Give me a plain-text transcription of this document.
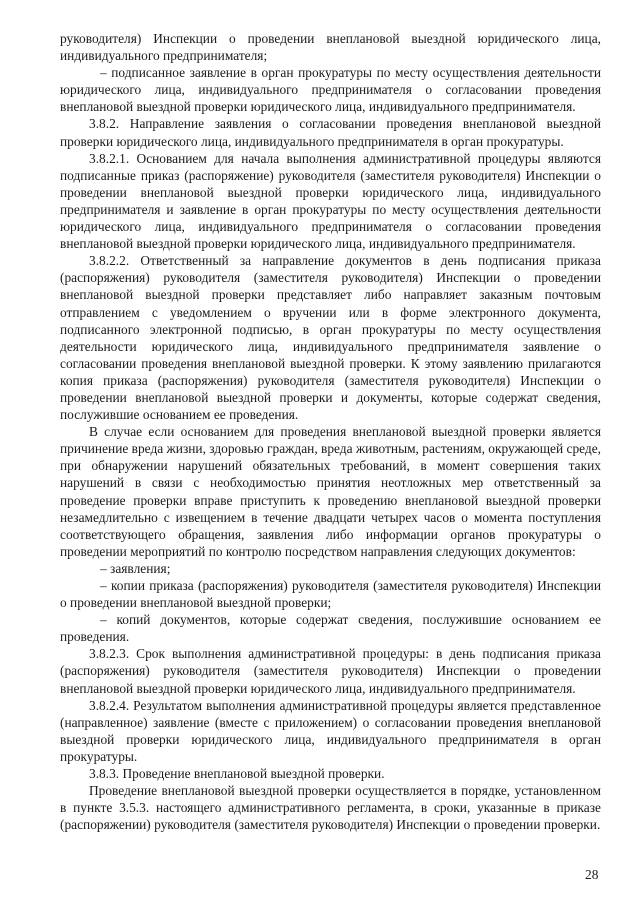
руководителя) Инспекции о проведении внеплановой выездной юридического лица, индивидуального предпринимателя;

– подписанное заявление в орган прокуратуры по месту осуществления деятельности юридического лица, индивидуального предпринимателя о согласовании проведения внеплановой выездной проверки юридического лица, индивидуального предпринимателя.

3.8.2. Направление заявления о согласовании проведения внеплановой выездной проверки юридического лица, индивидуального предпринимателя в орган прокуратуры.

3.8.2.1. Основанием для начала выполнения административной процедуры являются подписанные приказ (распоряжение) руководителя (заместителя руководителя) Инспекции о проведении внеплановой выездной проверки юридического лица, индивидуального предпринимателя и заявление в орган прокуратуры по месту осуществления деятельности юридического лица, индивидуального предпринимателя о согласовании проведения внеплановой выездной проверки юридического лица, индивидуального предпринимателя.

3.8.2.2. Ответственный за направление документов в день подписания приказа (распоряжения) руководителя (заместителя руководителя) Инспекции о проведении внеплановой выездной проверки представляет либо направляет заказным почтовым отправлением с уведомлением о вручении или в форме электронного документа, подписанного электронной подписью, в орган прокуратуры по месту осуществления деятельности юридического лица, индивидуального предпринимателя заявление о согласовании проведения внеплановой выездной проверки. К этому заявлению прилагаются копия приказа (распоряжения) руководителя (заместителя руководителя) Инспекции о проведении внеплановой выездной проверки и документы, которые содержат сведения, послужившие основанием ее проведения.

В случае если основанием для проведения внеплановой выездной проверки является причинение вреда жизни, здоровью граждан, вреда животным, растениям, окружающей среде, при обнаружении нарушений обязательных требований, в момент совершения таких нарушений в связи с необходимостью принятия неотложных мер ответственный за проведение проверки вправе приступить к проведению внеплановой выездной проверки незамедлительно с извещением в течение двадцати четырех часов о момента поступления соответствующего обращения, заявления либо информации органов прокуратуры о проведении мероприятий по контролю посредством направления следующих документов:

– заявления;

– копии приказа (распоряжения) руководителя (заместителя руководителя) Инспекции о проведении внеплановой выездной проверки;

– копий документов, которые содержат сведения, послужившие основанием ее проведения.

3.8.2.3. Срок выполнения административной процедуры: в день подписания приказа (распоряжения) руководителя (заместителя руководителя) Инспекции о проведении внеплановой выездной проверки юридического лица, индивидуального предпринимателя.

3.8.2.4. Результатом выполнения административной процедуры является представленное (направленное) заявление (вместе с приложением) о согласовании проведения внеплановой выездной проверки юридического лица, индивидуального предпринимателя в орган прокуратуры.

3.8.3. Проведение внеплановой выездной проверки.

Проведение внеплановой выездной проверки осуществляется в порядке, установленном в пункте 3.5.3. настоящего административного регламента, в сроки, указанные в приказе (распоряжении) руководителя (заместителя руководителя) Инспекции о проведении проверки.

28
